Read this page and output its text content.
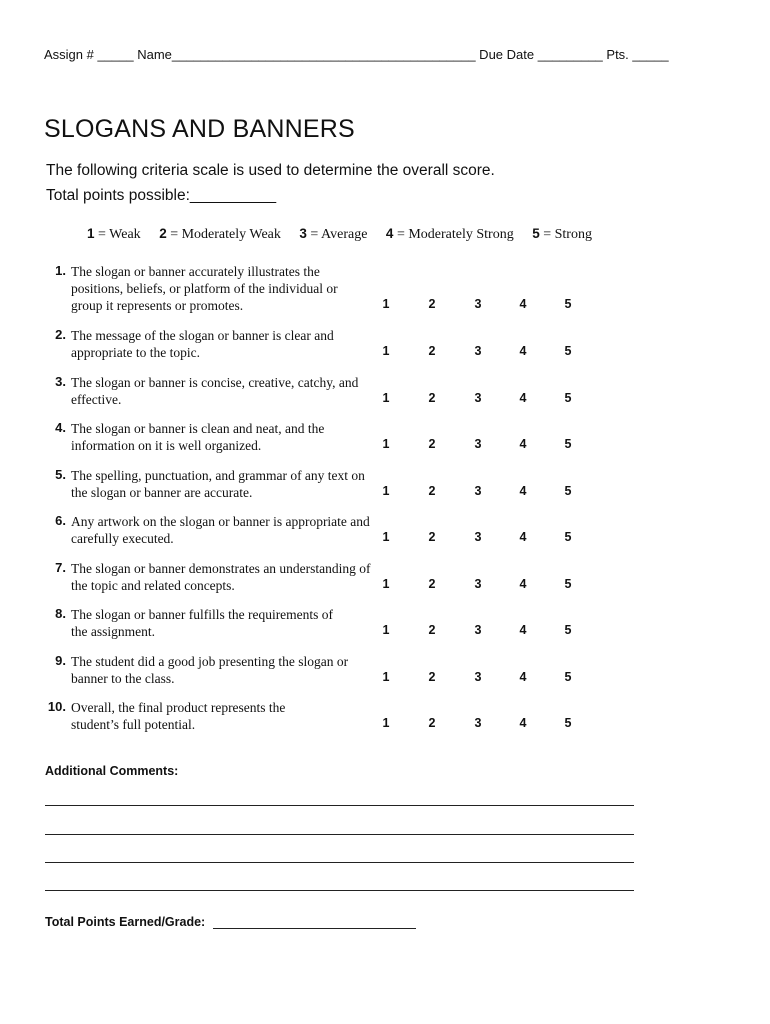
Assign # _____ Name__________________________________________ Due Date _________ Pts. _____
SLOGANS AND BANNERS
The following criteria scale is used to determine the overall score.
Total points possible:__________
1 = Weak 2 = Moderately Weak 3 = Average 4 = Moderately Strong 5 = Strong
1. The slogan or banner accurately illustrates the positions, beliefs, or platform of the individual or group it represents or promotes.	1	2	3	4	5
2. The message of the slogan or banner is clear and appropriate to the topic.	1	2	3	4	5
3. The slogan or banner is concise, creative, catchy, and effective.	1	2	3	4	5
4. The slogan or banner is clean and neat, and the information on it is well organized.	1	2	3	4	5
5. The spelling, punctuation, and grammar of any text on the slogan or banner are accurate.	1	2	3	4	5
6. Any artwork on the slogan or banner is appropriate and carefully executed.	1	2	3	4	5
7. The slogan or banner demonstrates an understanding of the topic and related concepts.	1	2	3	4	5
8. The slogan or banner fulfills the requirements of the assignment.	1	2	3	4	5
9. The student did a good job presenting the slogan or banner to the class.	1	2	3	4	5
10. Overall, the final product represents the student’s full potential.	1	2	3	4	5
Additional Comments:
Total Points Earned/Grade:
